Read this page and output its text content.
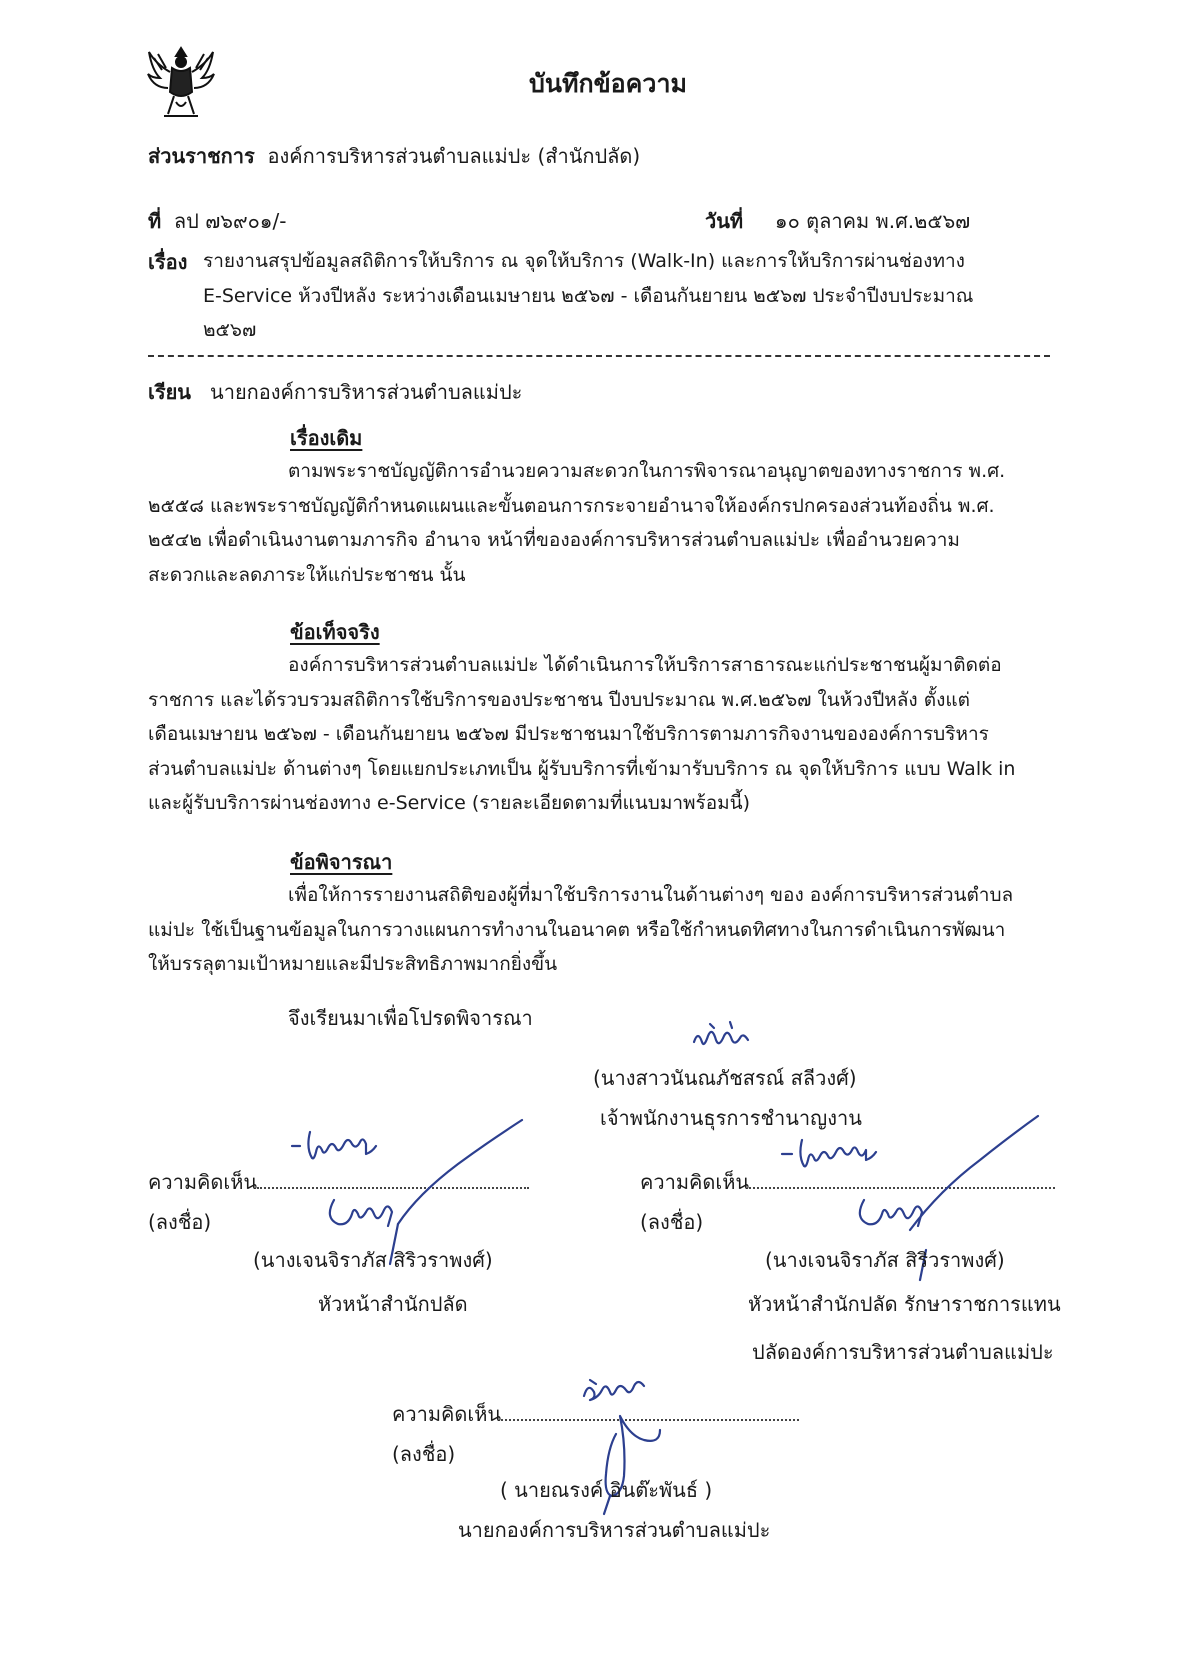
บันทึกข้อความ
ส่วนราชการ องค์การบริหารส่วนตำบลแม่ปะ (สำนักปลัด)
ที่ ลป ๗๖๙๐๑/-	วันที่ ๑๐ ตุลาคม พ.ศ.๒๕๖๗
เรื่อง รายงานสรุปข้อมูลสถิติการให้บริการ ณ จุดให้บริการ (Walk-In) และการให้บริการผ่านช่องทาง

E-Service ห้วงปีหลัง ระหว่างเดือนเมษายน ๒๕๖๗ - เดือนกันยายน ๒๕๖๗ ประจำปีงบประมาณ

๒๕๖๗

เรียน นายกองค์การบริหารส่วนตำบลแม่ปะ
เรื่องเดิม

ตามพระราชบัญญัติการอำนวยความสะดวกในการพิจารณาอนุญาตของทางราชการ พ.ศ.

๒๕๕๘ และพระราชบัญญัติกำหนดแผนและขั้นตอนการกระจายอำนาจให้องค์กรปกครองส่วนท้องถิ่น พ.ศ.

๒๕๔๒ เพื่อดำเนินงานตามภารกิจ อำนาจ หน้าที่ขององค์การบริหารส่วนตำบลแม่ปะ เพื่ออำนวยความ

สะดวกและลดภาระให้แก่ประชาชน นั้น

ข้อเท็จจริง

องค์การบริหารส่วนตำบลแม่ปะ ได้ดำเนินการให้บริการสาธารณะแก่ประชาชนผู้มาติดต่อ

ราชการ และได้รวบรวมสถิติการใช้บริการของประชาชน ปีงบประมาณ พ.ศ.๒๕๖๗ ในห้วงปีหลัง ตั้งแต่

เดือนเมษายน ๒๕๖๗ - เดือนกันยายน ๒๕๖๗ มีประชาชนมาใช้บริการตามภารกิจงานขององค์การบริหาร

ส่วนตำบลแม่ปะ ด้านต่างๆ โดยแยกประเภทเป็น ผู้รับบริการที่เข้ามารับบริการ ณ จุดให้บริการ แบบ Walk in

และผู้รับบริการผ่านช่องทาง e-Service (รายละเอียดตามที่แนบมาพร้อมนี้)

ข้อพิจารณา

เพื่อให้การรายงานสถิติของผู้ที่มาใช้บริการงานในด้านต่างๆ ของ องค์การบริหารส่วนตำบล

แม่ปะ ใช้เป็นฐานข้อมูลในการวางแผนการทำงานในอนาคต หรือใช้กำหนดทิศทางในการดำเนินการพัฒนา

ให้บรรลุตามเป้าหมายและมีประสิทธิภาพมากยิ่งขึ้น

จึงเรียนมาเพื่อโปรดพิจารณา
(นางสาวนันณภัชสรณ์ สลีวงศ์)
เจ้าพนักงานธุรการชำนาญงาน
ความคิดเห็น
(ลงชื่อ)
(นางเจนจิราภัส สิริวราพงศ์)
หัวหน้าสำนักปลัด
ความคิดเห็น
(ลงชื่อ)
(นางเจนจิราภัส สิริวราพงศ์)
หัวหน้าสำนักปลัด รักษาราชการแทน
ปลัดองค์การบริหารส่วนตำบลแม่ปะ
ความคิดเห็น
(ลงชื่อ)
( นายณรงค์ อินต๊ะพันธ์ )
นายกองค์การบริหารส่วนตำบลแม่ปะ
